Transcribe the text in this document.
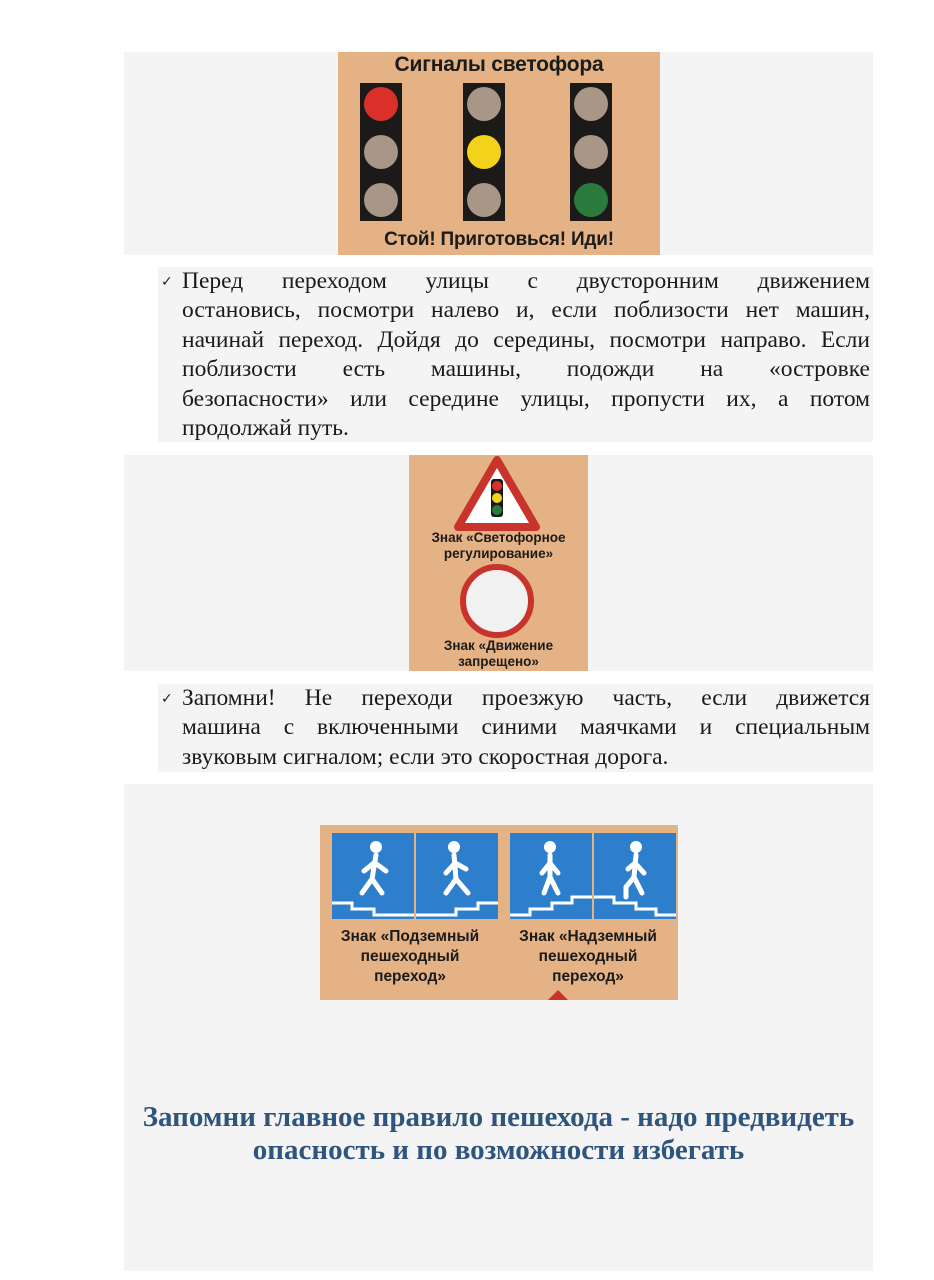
Сигналы светофора
Стой! Приготовься! Иди!
✓ Перед переходом улицы с двусторонним движением
остановись, посмотри налево и, если поблизости нет машин,
начинай переход. Дойдя до середины, посмотри направо. Если
поблизости есть машины, подожди на «островке
безопасности» или середине улицы, пропусти их, а потом
продолжай путь.
Знак «Светофорное
регулирование»
Знак «Движение
запрещено»
✓ Запомни! Не переходи проезжую часть, если движется
машина с включенными синими маячками и специальным
звуковым сигналом; если это скоростная дорога.
Знак «Подземный
пешеходный
переход»
Знак «Надземный
пешеходный
переход»
Запомни главное правило пешехода - надо предвидеть
опасность и по возможности избегать
